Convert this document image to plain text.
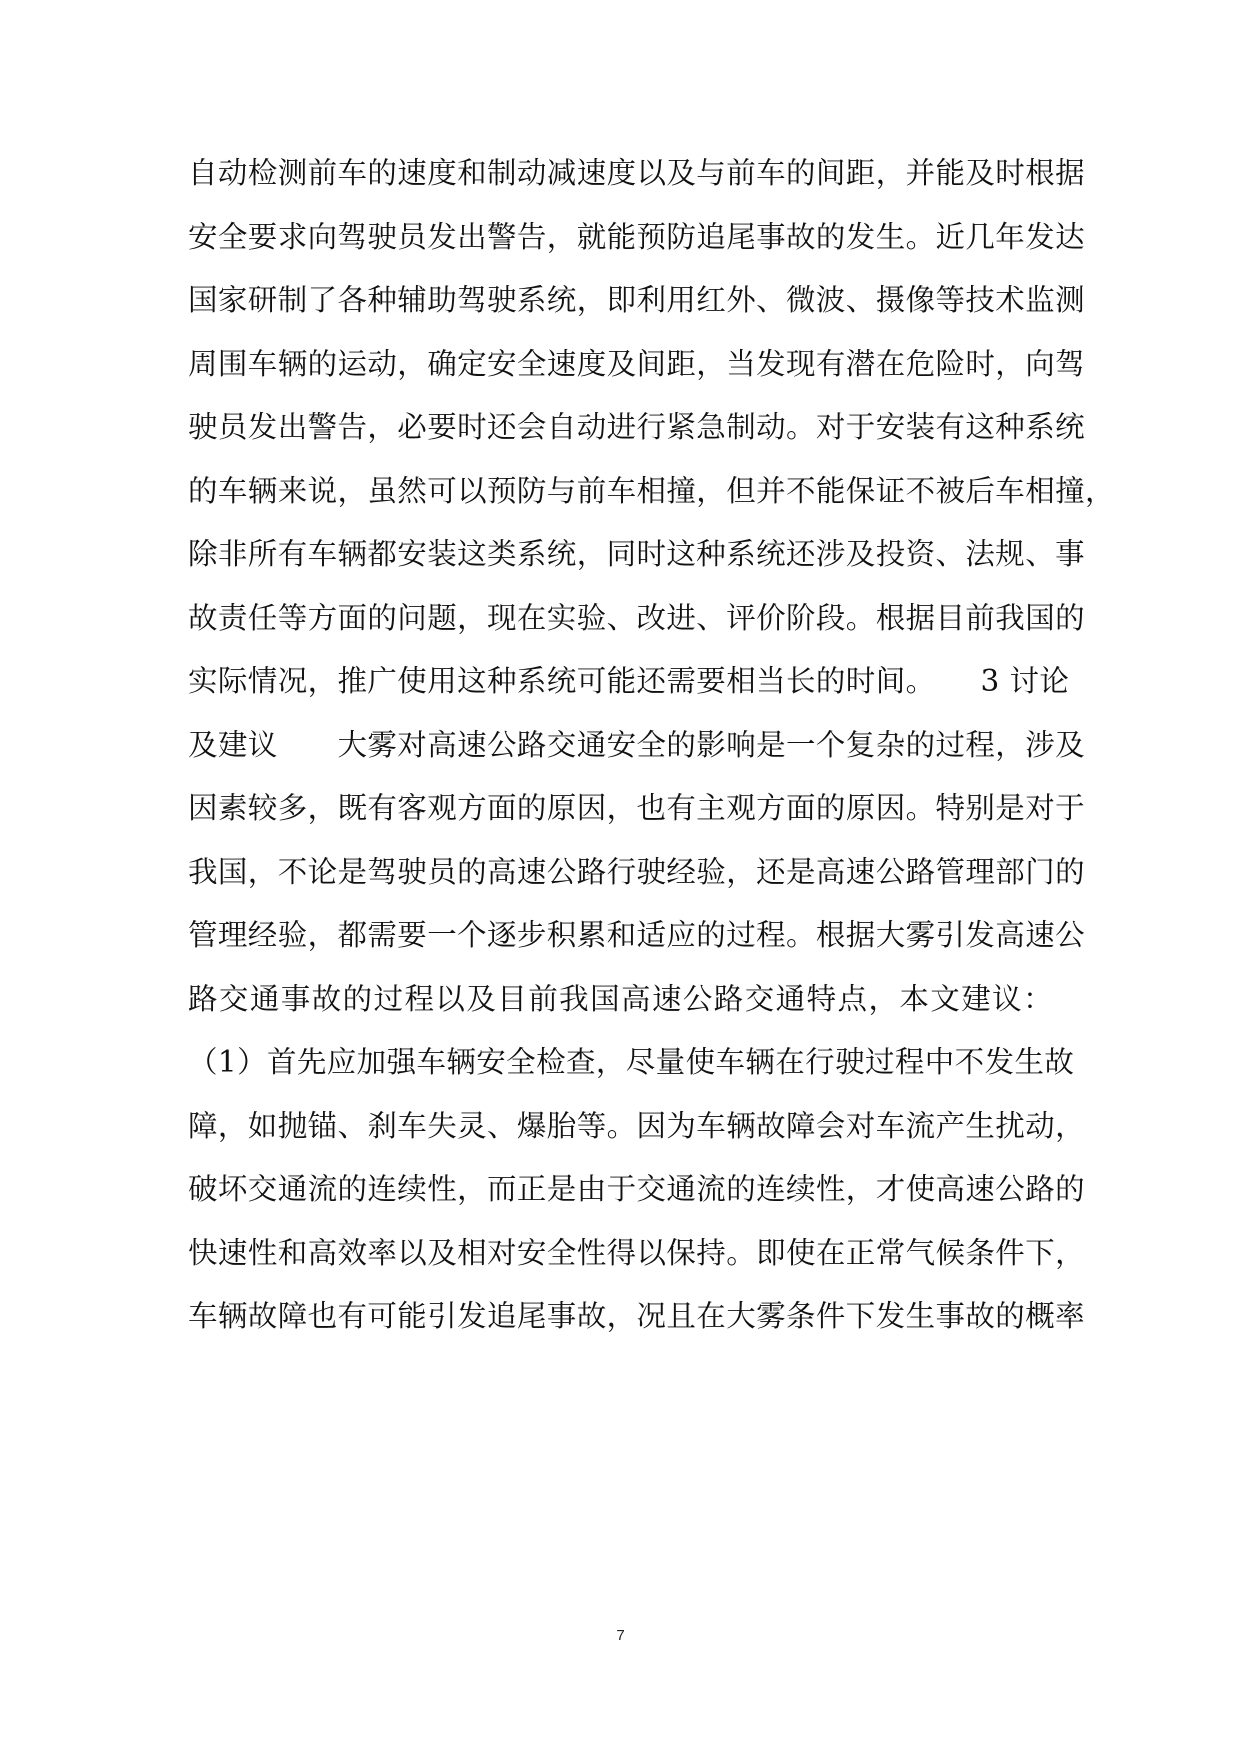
自动检测前车的速度和制动减速度以及与前车的间距，并能及时根据
安全要求向驾驶员发出警告，就能预防追尾事故的发生。近几年发达
国家研制了各种辅助驾驶系统，即利用红外、微波、摄像等技术监测
周围车辆的运动，确定安全速度及间距，当发现有潜在危险时，向驾
驶员发出警告，必要时还会自动进行紧急制动。对于安装有这种系统
的车辆来说，虽然可以预防与前车相撞，但并不能保证不被后车相撞，
除非所有车辆都安装这类系统，同时这种系统还涉及投资、法规、事
故责任等方面的问题，现在实验、改进、评价阶段。根据目前我国的
实际情况，推广使用这种系统可能还需要相当长的时间。　　3 讨论
及建议　　大雾对高速公路交通安全的影响是一个复杂的过程，涉及
因素较多，既有客观方面的原因，也有主观方面的原因。特别是对于
我国，不论是驾驶员的高速公路行驶经验，还是高速公路管理部门的
管理经验，都需要一个逐步积累和适应的过程。根据大雾引发高速公
路交通事故的过程以及目前我国高速公路交通特点，本文建议：
（1）首先应加强车辆安全检查，尽量使车辆在行驶过程中不发生故
障，如抛锚、刹车失灵、爆胎等。因为车辆故障会对车流产生扰动，
破坏交通流的连续性，而正是由于交通流的连续性，才使高速公路的
快速性和高效率以及相对安全性得以保持。即使在正常气候条件下，
车辆故障也有可能引发追尾事故，况且在大雾条件下发生事故的概率
7
